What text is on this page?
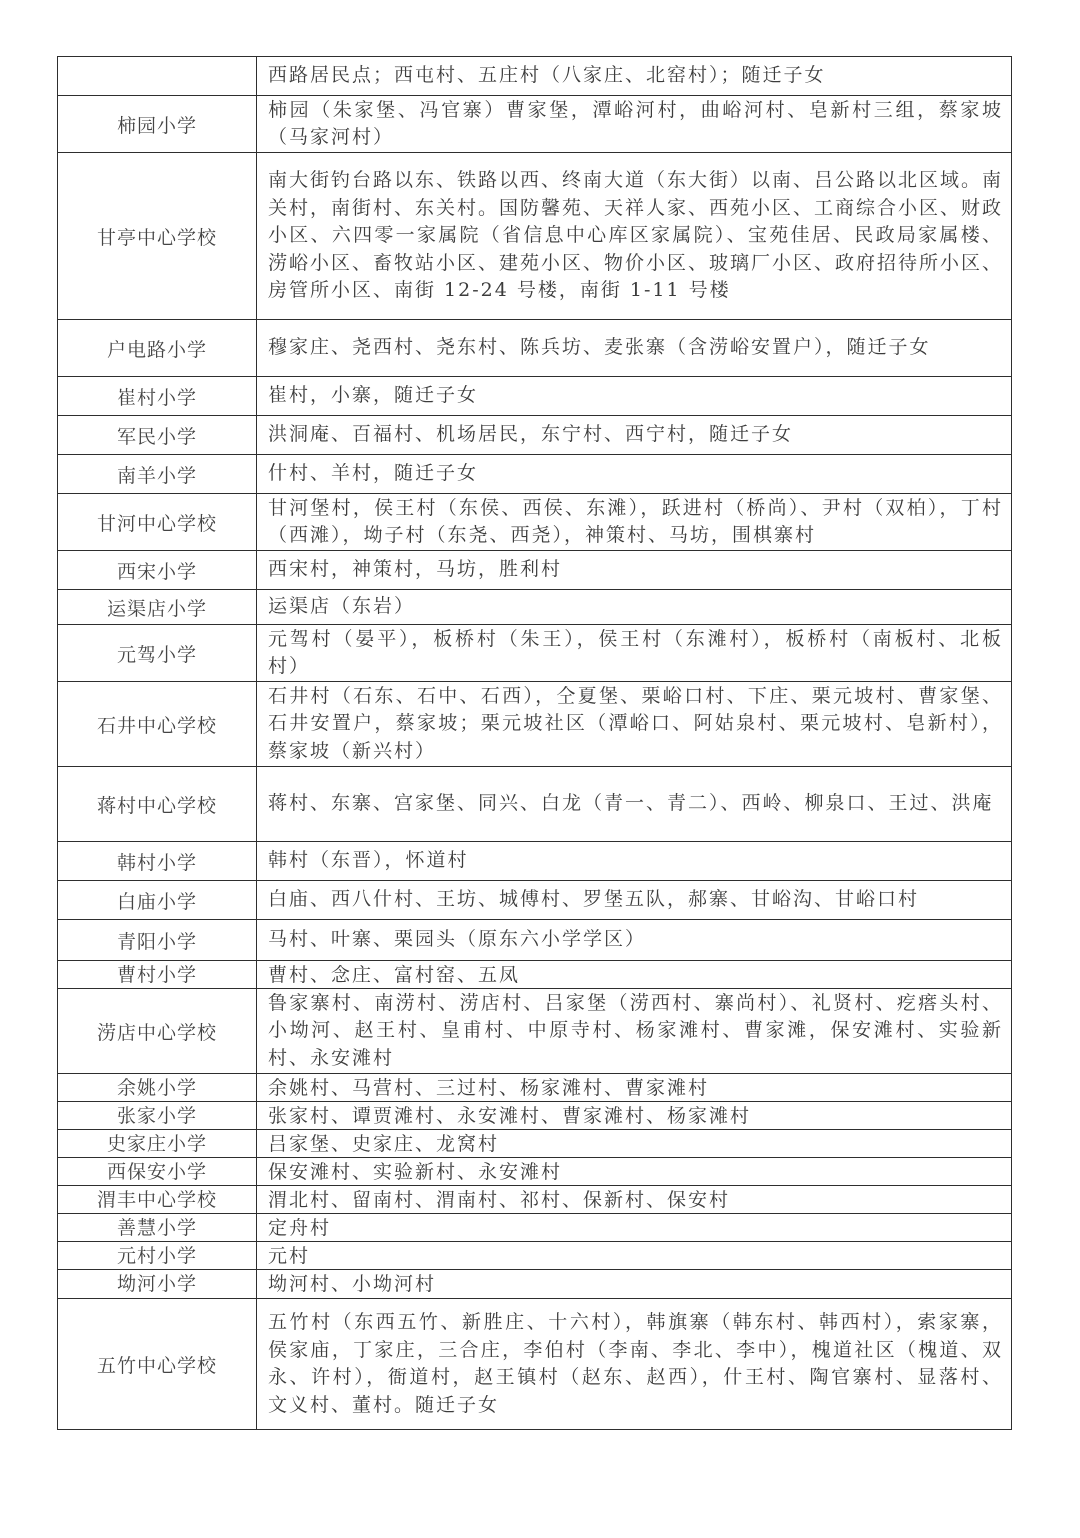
	西路居民点；西屯村、五庄村（八家庄、北窑村）；随迁子女
柿园小学	柿园（朱家堡、冯官寨）曹家堡，潭峪河村，曲峪河村、皂新村三组，蔡家坡（马家河村）
甘亭中心学校	南大街钓台路以东、铁路以西、终南大道（东大街）以南、吕公路以北区域。南关村，南街村、东关村。国防馨苑、天祥人家、西苑小区、工商综合小区、财政小区、六四零一家属院（省信息中心库区家属院）、宝苑佳居、民政局家属楼、涝峪小区、畜牧站小区、建苑小区、物价小区、玻璃厂小区、政府招待所小区、房管所小区、南街 12-24 号楼，南街 1-11 号楼
户电路小学	穆家庄、尧西村、尧东村、陈兵坊、麦张寨（含涝峪安置户），随迁子女
崔村小学	崔村，小寨，随迁子女
军民小学	洪洞庵、百福村、机场居民，东宁村、西宁村，随迁子女
南羊小学	什村、羊村，随迁子女
甘河中心学校	甘河堡村，侯王村（东侯、西侯、东滩），跃进村（桥尚）、尹村（双柏），丁村（西滩），坳子村（东尧、西尧），神策村、马坊，围棋寨村
西宋小学	西宋村，神策村，马坊，胜利村
运渠店小学	运渠店（东岩）
元驾小学	元驾村（晏平），板桥村（朱王），侯王村（东滩村），板桥村（南板村、北板村）
石井中心学校	石井村（石东、石中、石西），仝夏堡、栗峪口村、下庄、栗元坡村、曹家堡、石井安置户，蔡家坡；栗元坡社区（潭峪口、阿姑泉村、栗元坡村、皂新村），蔡家坡（新兴村）
蒋村中心学校	蒋村、东寨、宫家堡、同兴、白龙（青一、青二）、西岭、柳泉口、王过、洪庵
韩村小学	韩村（东晋），怀道村
白庙小学	白庙、西八什村、王坊、城傅村、罗堡五队，郝寨、甘峪沟、甘峪口村
青阳小学	马村、叶寨、栗园头（原东六小学学区）
曹村小学	曹村、念庄、富村窑、五凤
涝店中心学校	鲁家寨村、南涝村、涝店村、吕家堡（涝西村、寨尚村）、礼贤村、疙瘩头村、小坳河、赵王村、皇甫村、中原寺村、杨家滩村、曹家滩，保安滩村、实验新村、永安滩村
余姚小学	余姚村、马营村、三过村、杨家滩村、曹家滩村
张家小学	张家村、谭贾滩村、永安滩村、曹家滩村、杨家滩村
史家庄小学	吕家堡、史家庄、龙窝村
西保安小学	保安滩村、实验新村、永安滩村
渭丰中心学校	渭北村、留南村、渭南村、祁村、保新村、保安村
善慧小学	定舟村
元村小学	元村
坳河小学	坳河村、小坳河村
五竹中心学校	五竹村（东西五竹、新胜庄、十六村），韩旗寨（韩东村、韩西村），索家寨，侯家庙，丁家庄，三合庄，李伯村（李南、李北、李中），槐道社区（槐道、双永、许村），衙道村，赵王镇村（赵东、赵西），什王村、陶官寨村、显落村、文义村、董村。随迁子女
